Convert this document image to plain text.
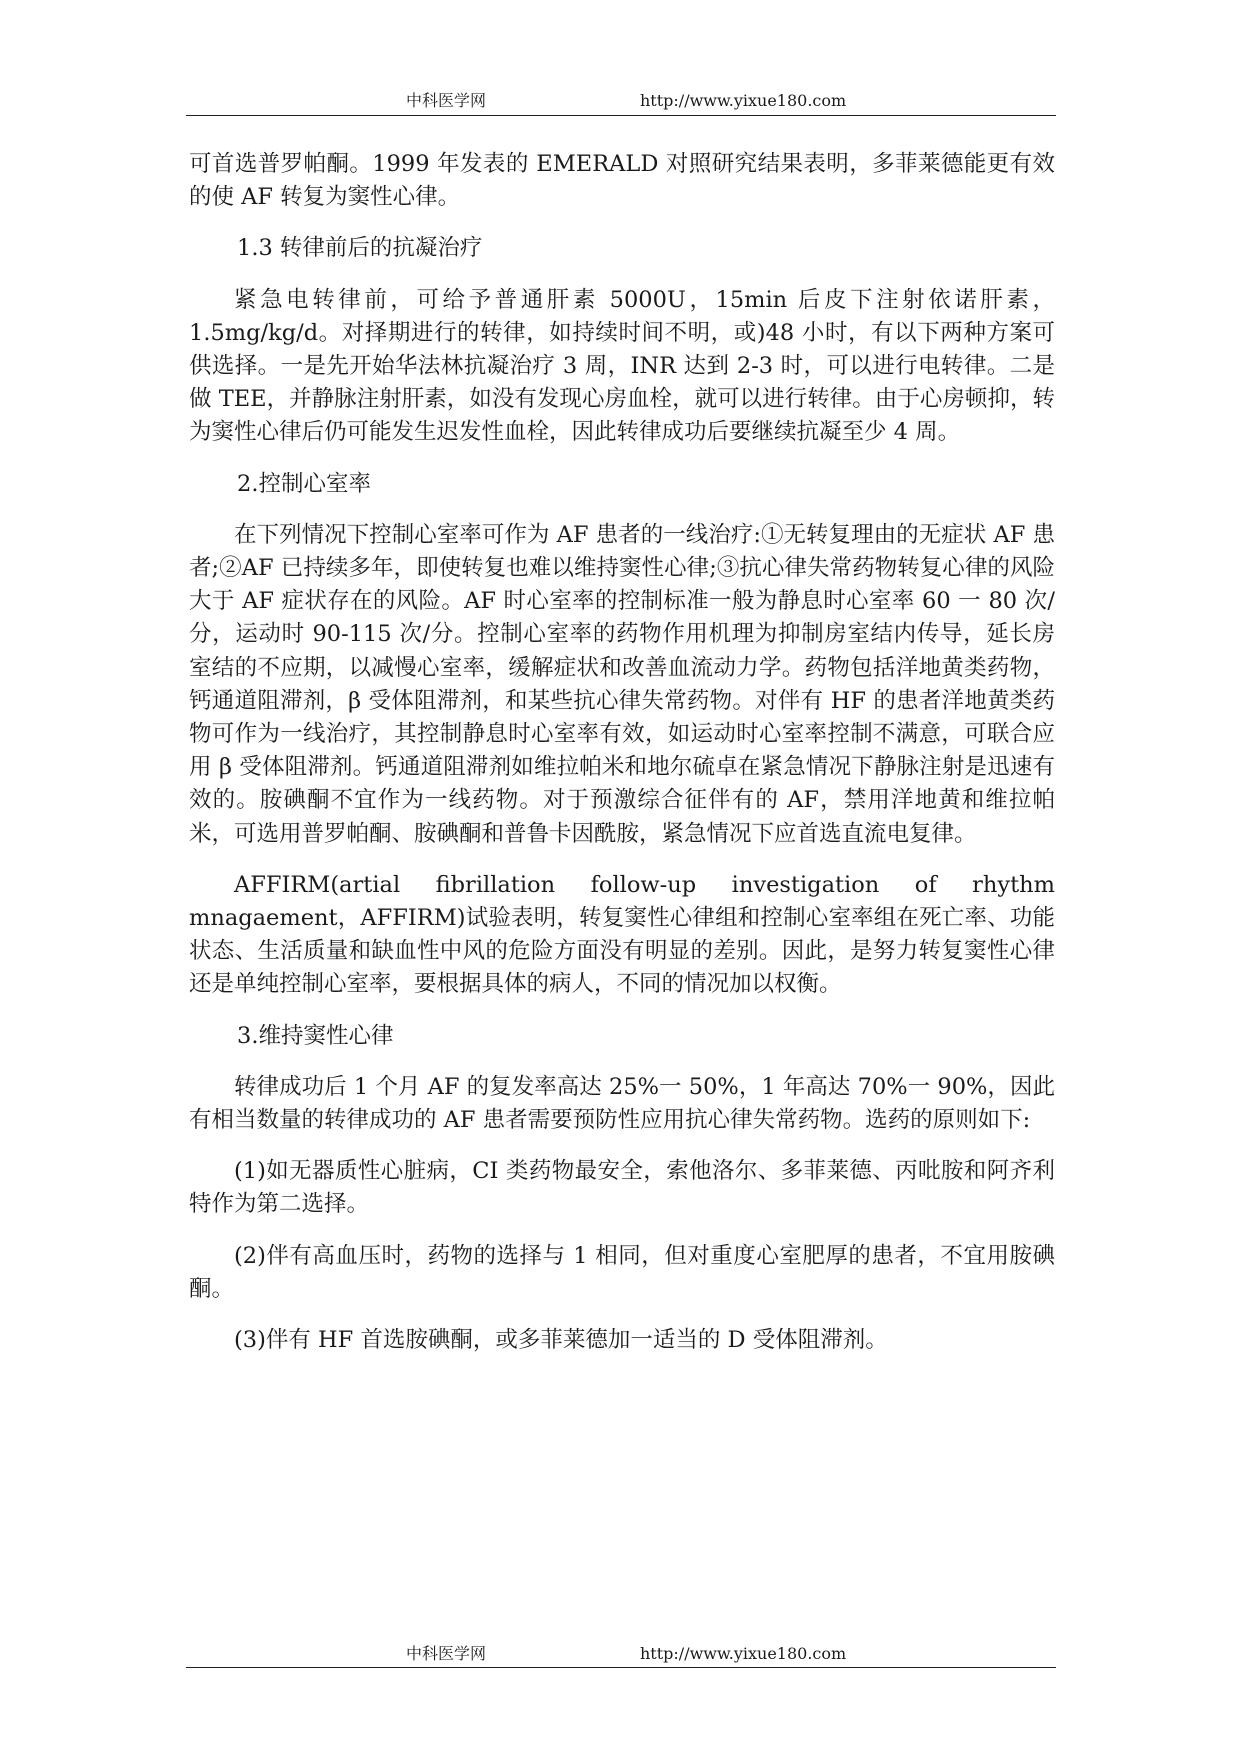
中科医学网	http://www.yixue180.com

可首选普罗帕酮。1999 年发表的 EMERALD 对照研究结果表明，多菲莱德能更有效的使 AF 转复为窦性心律。

1.3 转律前后的抗凝治疗

紧急电转律前，可给予普通肝素 5000U，15min 后皮下注射依诺肝素，1.5mg/kg/d。对择期进行的转律，如持续时间不明，或)48 小时，有以下两种方案可供选择。一是先开始华法林抗凝治疗 3 周，INR 达到 2-3 时，可以进行电转律。二是做 TEE，并静脉注射肝素，如没有发现心房血栓，就可以进行转律。由于心房顿抑，转为窦性心律后仍可能发生迟发性血栓，因此转律成功后要继续抗凝至少 4 周。

2.控制心室率

在下列情况下控制心室率可作为 AF 患者的一线治疗:①无转复理由的无症状 AF 患者;②AF 已持续多年，即使转复也难以维持窦性心律;③抗心律失常药物转复心律的风险大于 AF 症状存在的风险。AF 时心室率的控制标准一般为静息时心室率 60 一 80 次/分，运动时 90-115 次/分。控制心室率的药物作用机理为抑制房室结内传导，延长房室结的不应期，以减慢心室率，缓解症状和改善血流动力学。药物包括洋地黄类药物，钙通道阻滞剂，β 受体阻滞剂，和某些抗心律失常药物。对伴有 HF 的患者洋地黄类药物可作为一线治疗，其控制静息时心室率有效，如运动时心室率控制不满意，可联合应用 β 受体阻滞剂。钙通道阻滞剂如维拉帕米和地尔硫卓在紧急情况下静脉注射是迅速有效的。胺碘酮不宜作为一线药物。对于预激综合征伴有的 AF，禁用洋地黄和维拉帕米，可选用普罗帕酮、胺碘酮和普鲁卡因酰胺，紧急情况下应首选直流电复律。

AFFIRM(artial fibrillation follow-up investigation of rhythm mnagaement，AFFIRM)试验表明，转复窦性心律组和控制心室率组在死亡率、功能状态、生活质量和缺血性中风的危险方面没有明显的差别。因此，是努力转复窦性心律还是单纯控制心室率，要根据具体的病人，不同的情况加以权衡。

3.维持窦性心律

转律成功后 1 个月 AF 的复发率高达 25%一 50%，1 年高达 70%一 90%，因此有相当数量的转律成功的 AF 患者需要预防性应用抗心律失常药物。选药的原则如下:

(1)如无器质性心脏病，CI 类药物最安全，索他洛尔、多菲莱德、丙吡胺和阿齐利特作为第二选择。

(2)伴有高血压时，药物的选择与 1 相同，但对重度心室肥厚的患者，不宜用胺碘酮。

(3)伴有 HF 首选胺碘酮，或多菲莱德加一适当的 D 受体阻滞剂。

中科医学网	http://www.yixue180.com
